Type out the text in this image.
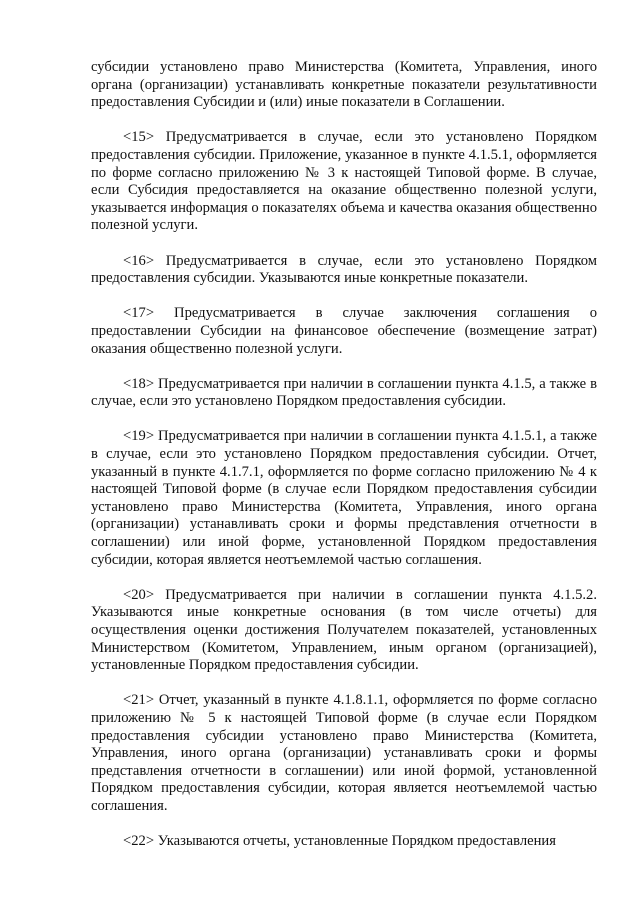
субсидии установлено право Министерства (Комитета, Управления, иного органа (организации) устанавливать конкретные показатели результативности предоставления Субсидии и (или) иные показатели в Соглашении.

<15> Предусматривается в случае, если это установлено Порядком предоставления субсидии. Приложение, указанное в пункте 4.1.5.1, оформляется по форме согласно приложению № 3 к настоящей Типовой форме. В случае, если Субсидия предоставляется на оказание общественно полезной услуги, указывается информация о показателях объема и качества оказания общественно полезной услуги.

<16> Предусматривается в случае, если это установлено Порядком предоставления субсидии. Указываются иные конкретные показатели.

<17> Предусматривается в случае заключения соглашения о предоставлении Субсидии на финансовое обеспечение (возмещение затрат) оказания общественно полезной услуги.

<18> Предусматривается при наличии в соглашении пункта 4.1.5, а также в случае, если это установлено Порядком предоставления субсидии.

<19> Предусматривается при наличии в соглашении пункта 4.1.5.1, а также в случае, если это установлено Порядком предоставления субсидии. Отчет, указанный в пункте 4.1.7.1, оформляется по форме согласно приложению № 4 к настоящей Типовой форме (в случае если Порядком предоставления субсидии установлено право Министерства (Комитета, Управления, иного органа (организации) устанавливать сроки и формы представления отчетности в соглашении) или иной форме, установленной Порядком предоставления субсидии, которая является неотъемлемой частью соглашения.

<20> Предусматривается при наличии в соглашении пункта 4.1.5.2. Указываются иные конкретные основания (в том числе отчеты) для осуществления оценки достижения Получателем показателей, установленных Министерством (Комитетом, Управлением, иным органом (организацией), установленные Порядком предоставления субсидии.

<21> Отчет, указанный в пункте 4.1.8.1.1, оформляется по форме согласно приложению № 5 к настоящей Типовой форме (в случае если Порядком предоставления субсидии установлено право Министерства (Комитета, Управления, иного органа (организации) устанавливать сроки и формы представления отчетности в соглашении) или иной формой, установленной Порядком предоставления субсидии, которая является неотъемлемой частью соглашения.

<22> Указываются отчеты, установленные Порядком предоставления
